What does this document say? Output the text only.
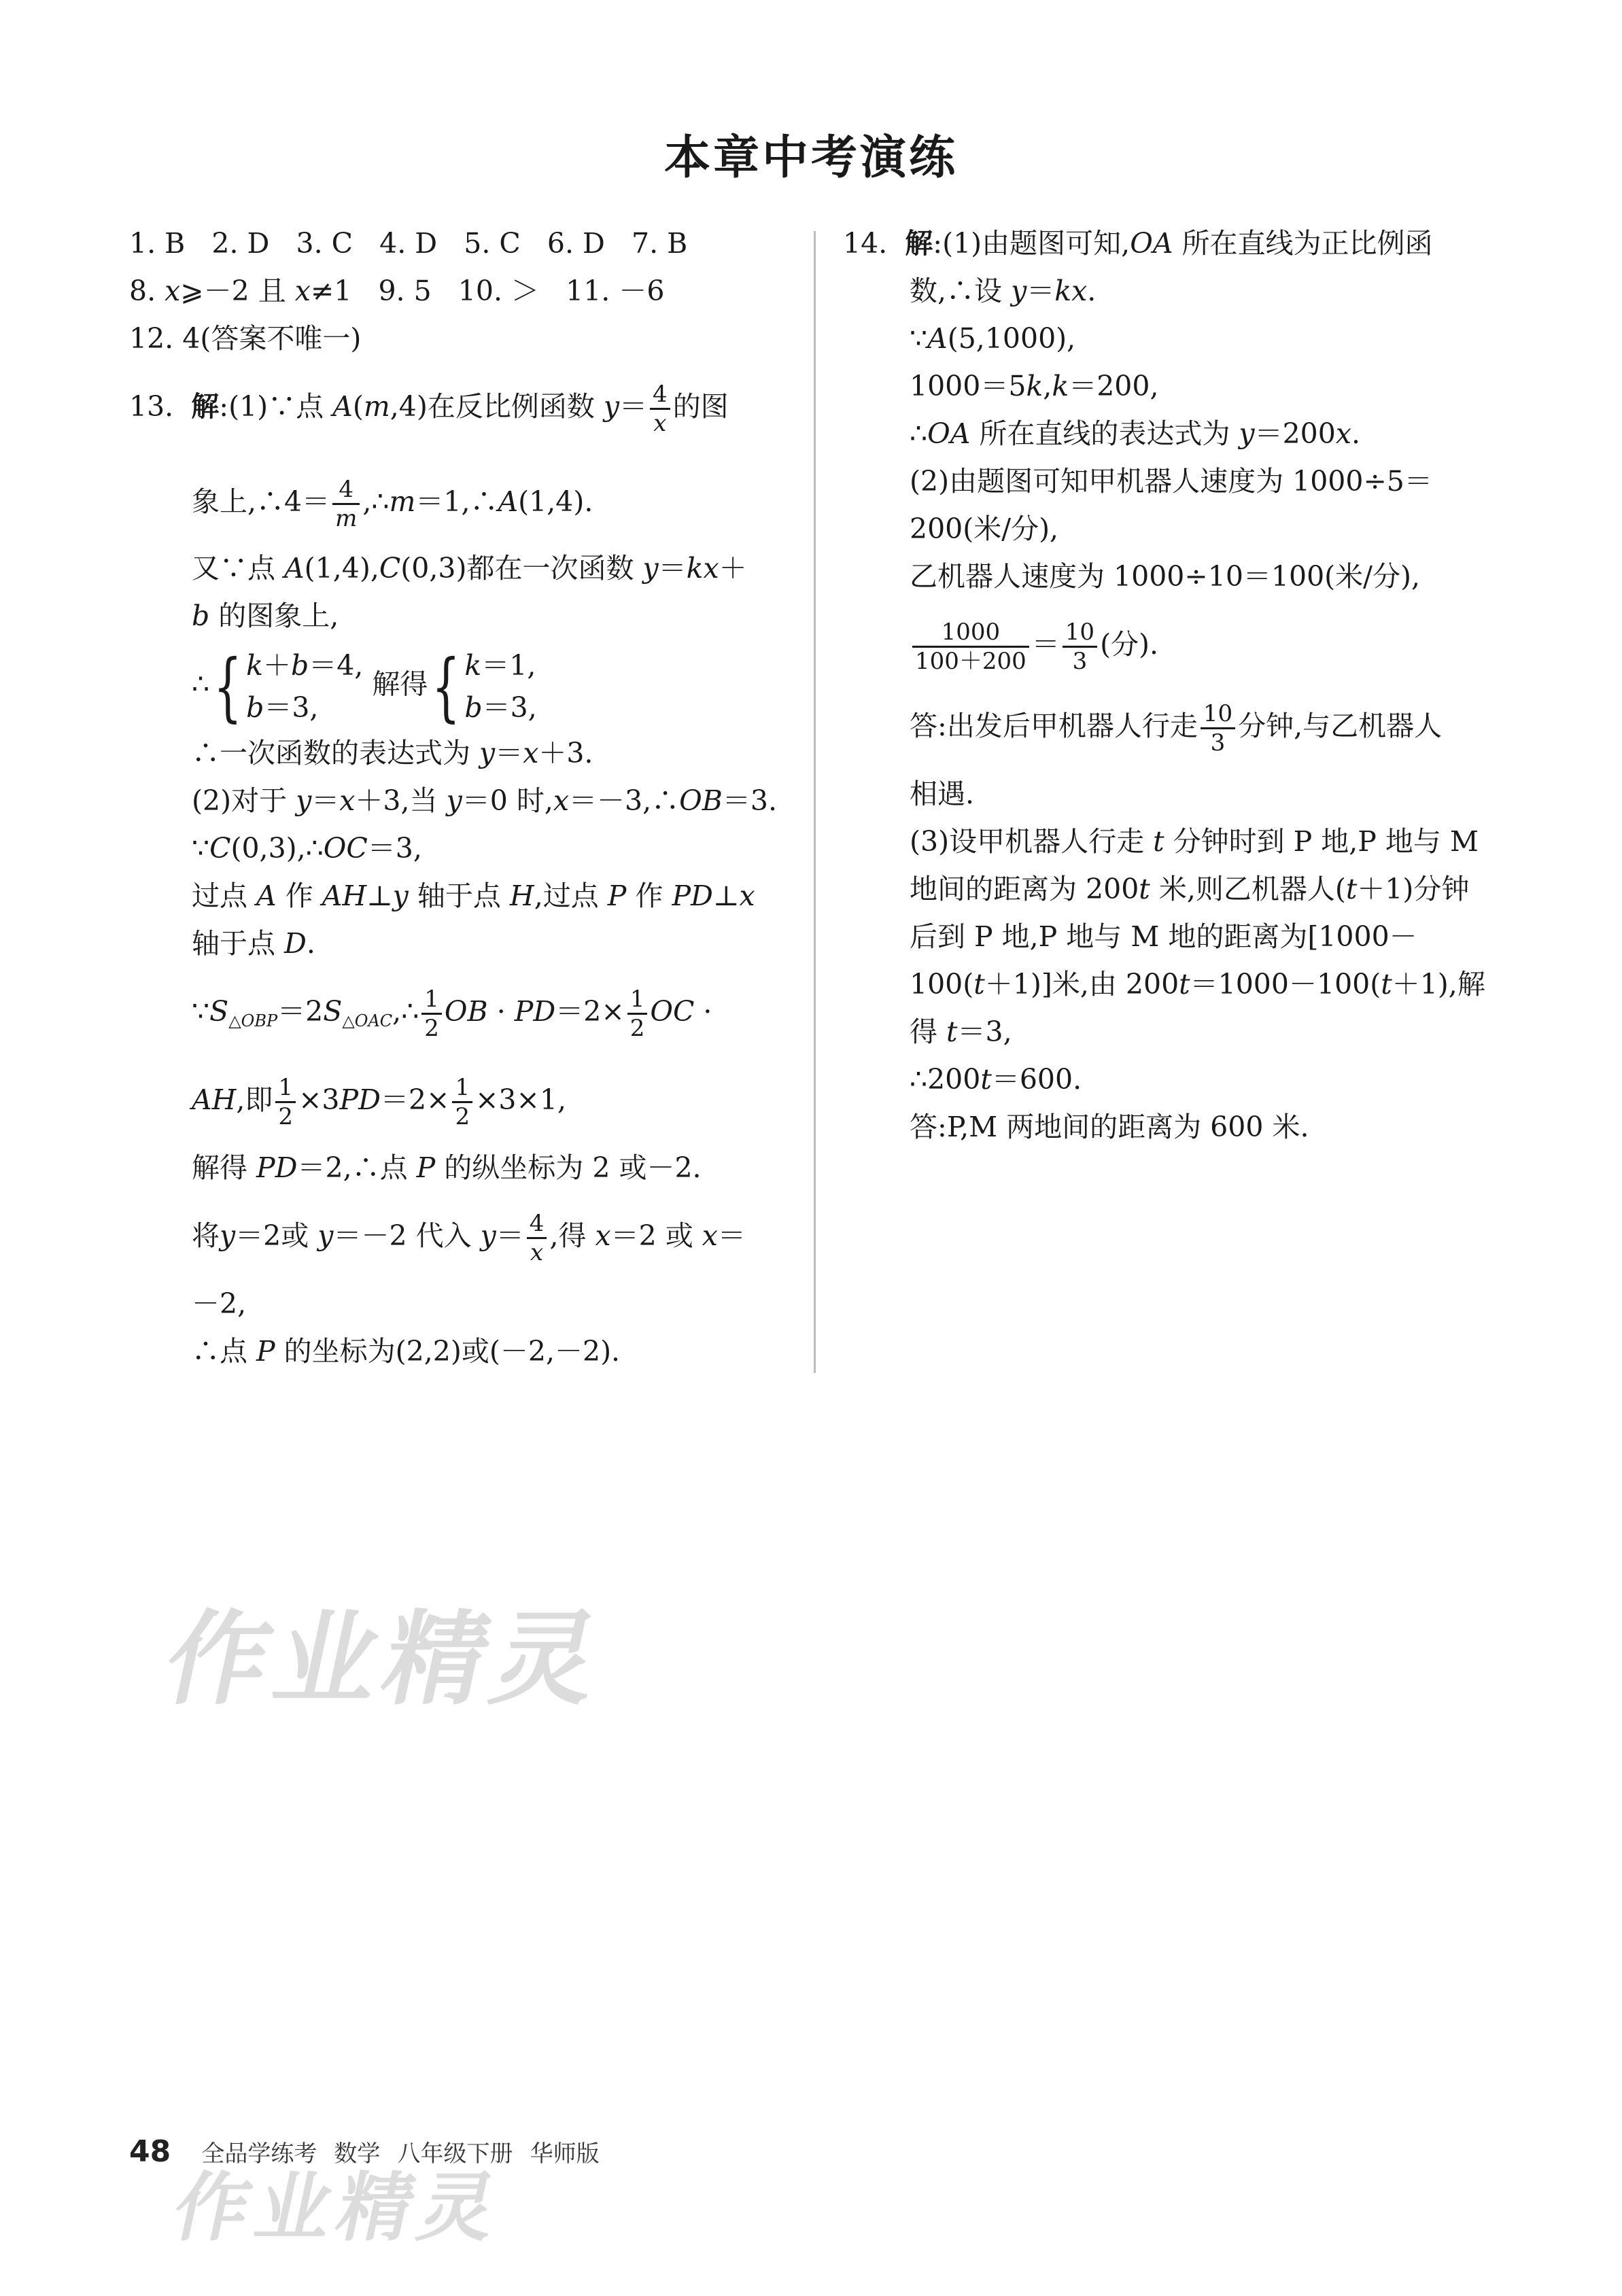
本章中考演练
1. B   2. D   3. C   4. D   5. C   6. D   7. B
8. x⩾－2 且 x≠1   9. 5   10. ＞   11. －6
12. 4(答案不唯一)
13.  解:(1)∵点 A(m,4)在反比例函数 $y= \frac{4}{x}$ 的图
象上,∴4＝ $\frac{4}{m}$ ,∴m＝1,∴A(1,4).
又∵点 A(1,4),C(0,3)都在一次函数 y＝kx＋
b 的图象上,
∴{ k＋b＝4,
b＝3, 解得{ k＝1,
b＝3,
∴一次函数的表达式为 y＝x＋3.
(2)对于 y＝x＋3,当 y＝0 时,x＝－3,∴OB＝3.
∵C(0,3),∴OC＝3,
过点 A 作 AH⊥y 轴于点 H,过点 P 作 PD⊥x
轴于点 D.
$\because S_{\triangle OBP}=2S_{\triangle OAC},\therefore \frac{1}{2}$ OB · $PD=2\times \frac{1}{2}$ OC ·
AH,即 $\frac{1}{2} \times 3PD=2\times \frac{1}{2} \times 3\times 1$,
解得 PD＝2,∴点 P 的纵坐标为 2 或－2.
将y＝2或 y＝－2 代入 $y= \frac{4}{x}$ ,得 x＝2 或 x＝
－2,
∴点 P 的坐标为(2,2)或(－2,－2).
14.  解:(1)由题图可知,OA 所在直线为正比例函
数,∴设 y＝kx.
∵A(5,1000),
1000＝5k,k＝200,
∴OA 所在直线的表达式为 y＝200x.
(2)由题图可知甲机器人速度为 1000÷5＝
200(米/分),
乙机器人速度为 1000÷10＝100(米/分),
$\frac{1000}{100+200} = \frac{10}{3}$ (分).
答:出发后甲机器人行走 $\frac{10}{3}$ 分钟,与乙机器人
相遇.
(3)设甲机器人行走 t 分钟时到 P 地,P 地与 M
地间的距离为 200t 米,则乙机器人(t＋1)分钟
后到 P 地,P 地与 M 地的距离为[1000－
100(t＋1)]米,由 200t＝1000－100(t＋1),解
得 t＝3,
∴200t＝600.
答:P,M 两地间的距离为 600 米.
作业精灵
作业精灵
48 全品学练考 数学 八年级下册 华师版
